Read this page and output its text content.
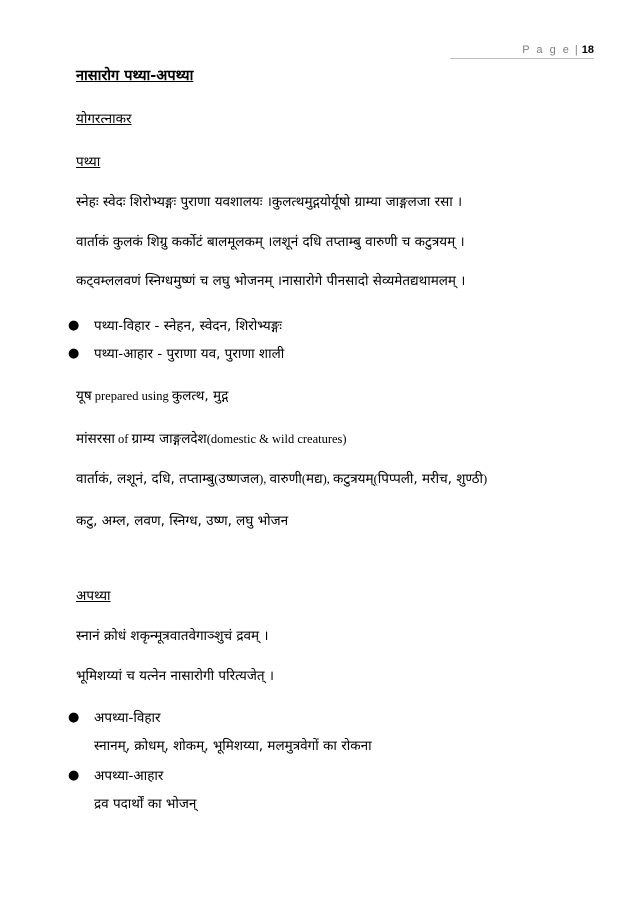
P a g e | 18
नासारोग पथ्या-अपथ्या
योगरत्नाकर
पथ्या
स्नेहः स्वेदः शिरोभ्यङ्गः पुराणा यवशालयः ।कुलत्थमुद्गयोर्यूषो ग्राम्या जाङ्गलजा रसा ।
वार्ताकं कुलकं शिग्रु कर्कोटं बालमूलकम् ।लशूनं दधि तप्ताम्बु वारुणी च कटुत्रयम् ।
कट्वम्ललवणं स्निग्धमुष्णं च लघु भोजनम् ।नासारोगे पीनसादो सेव्यमेतद्यथामलम् ।
● पथ्या-विहार - स्नेहन, स्वेदन, शिरोभ्यङ्गः
● पथ्या-आहार - पुराणा यव, पुराणा शाली
यूष prepared using कुलत्थ, मुद्ग
मांसरसा of ग्राम्य जाङ्गलदेश(domestic & wild creatures)
वार्ताकं, लशूनं, दधि, तप्ताम्बु(उष्णजल), वारुणी(मद्य), कटुत्रयम्(पिप्पली, मरीच, शुण्ठी)
कटु, अम्ल, लवण, स्निग्ध, उष्ण, लघु भोजन
अपथ्या
स्नानं क्रोधं शकृन्मूत्रवातवेगाञ्शुचं द्रवम् ।
भूमिशय्यां च यत्नेन नासारोगी परित्यजेत् ।
● अपथ्या-विहार
स्नानम्, क्रोधम्, शोकम्, भूमिशय्या, मलमुत्रवेगों का रोकना
● अपथ्या-आहार
द्रव पदार्थों का भोजन्
